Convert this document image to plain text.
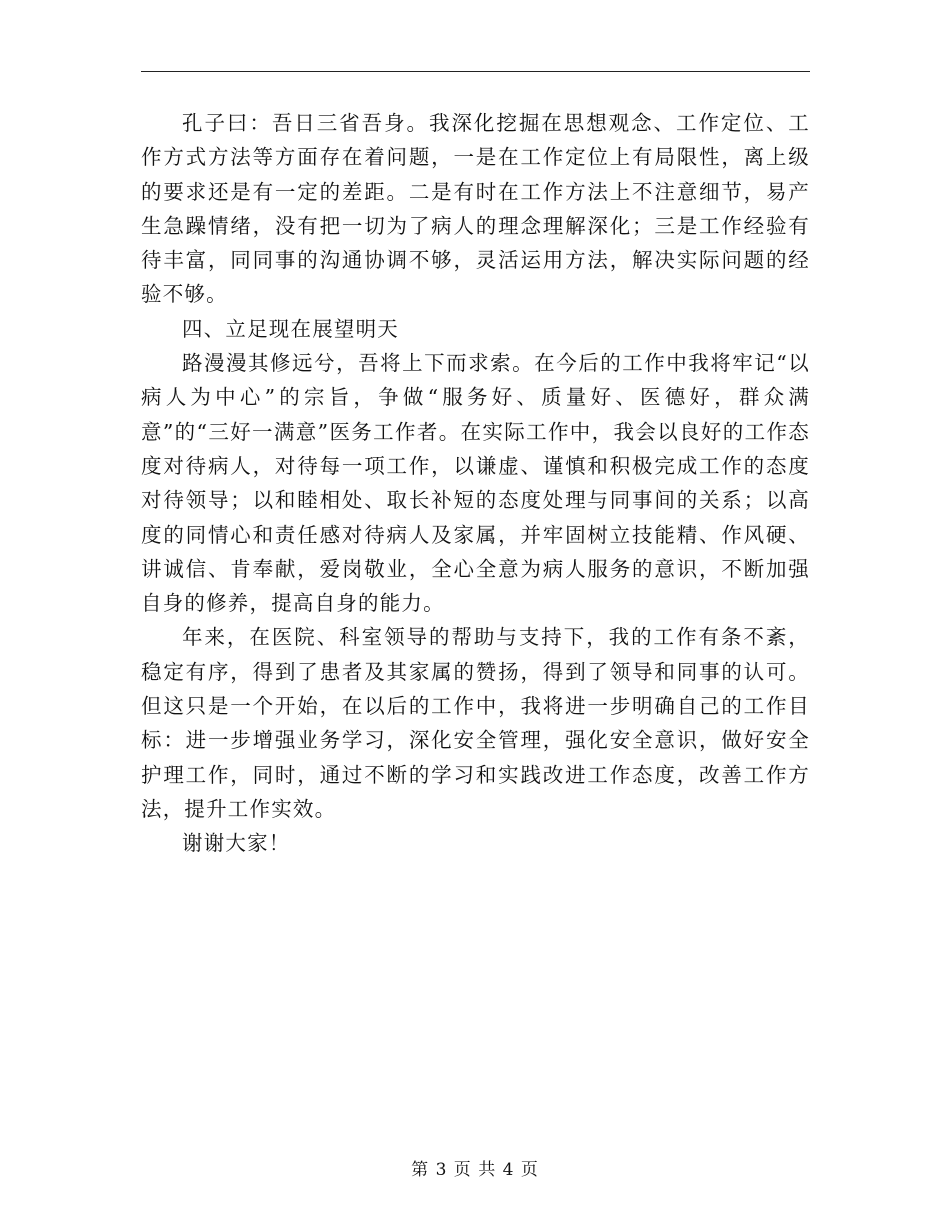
孔子曰：吾日三省吾身。我深化挖掘在思想观念、工作定位、工作方式方法等方面存在着问题，一是在工作定位上有局限性，离上级的要求还是有一定的差距。二是有时在工作方法上不注意细节，易产生急躁情绪，没有把一切为了病人的理念理解深化；三是工作经验有待丰富，同同事的沟通协调不够，灵活运用方法，解决实际问题的经验不够。

四、立足现在展望明天

路漫漫其修远兮，吾将上下而求索。在今后的工作中我将牢记“以病人为中心”的宗旨，争做“服务好、质量好、医德好，群众满意”的“三好一满意”医务工作者。在实际工作中，我会以良好的工作态度对待病人，对待每一项工作，以谦虚、谨慎和积极完成工作的态度对待领导；以和睦相处、取长补短的态度处理与同事间的关系；以高度的同情心和责任感对待病人及家属，并牢固树立技能精、作风硬、讲诚信、肯奉献，爱岗敬业，全心全意为病人服务的意识，不断加强自身的修养，提高自身的能力。

年来，在医院、科室领导的帮助与支持下，我的工作有条不紊，稳定有序，得到了患者及其家属的赞扬，得到了领导和同事的认可。但这只是一个开始，在以后的工作中，我将进一步明确自己的工作目标：进一步增强业务学习，深化安全管理，强化安全意识，做好安全护理工作，同时，通过不断的学习和实践改进工作态度，改善工作方法，提升工作实效。

谢谢大家！

第 3 页 共 4 页
